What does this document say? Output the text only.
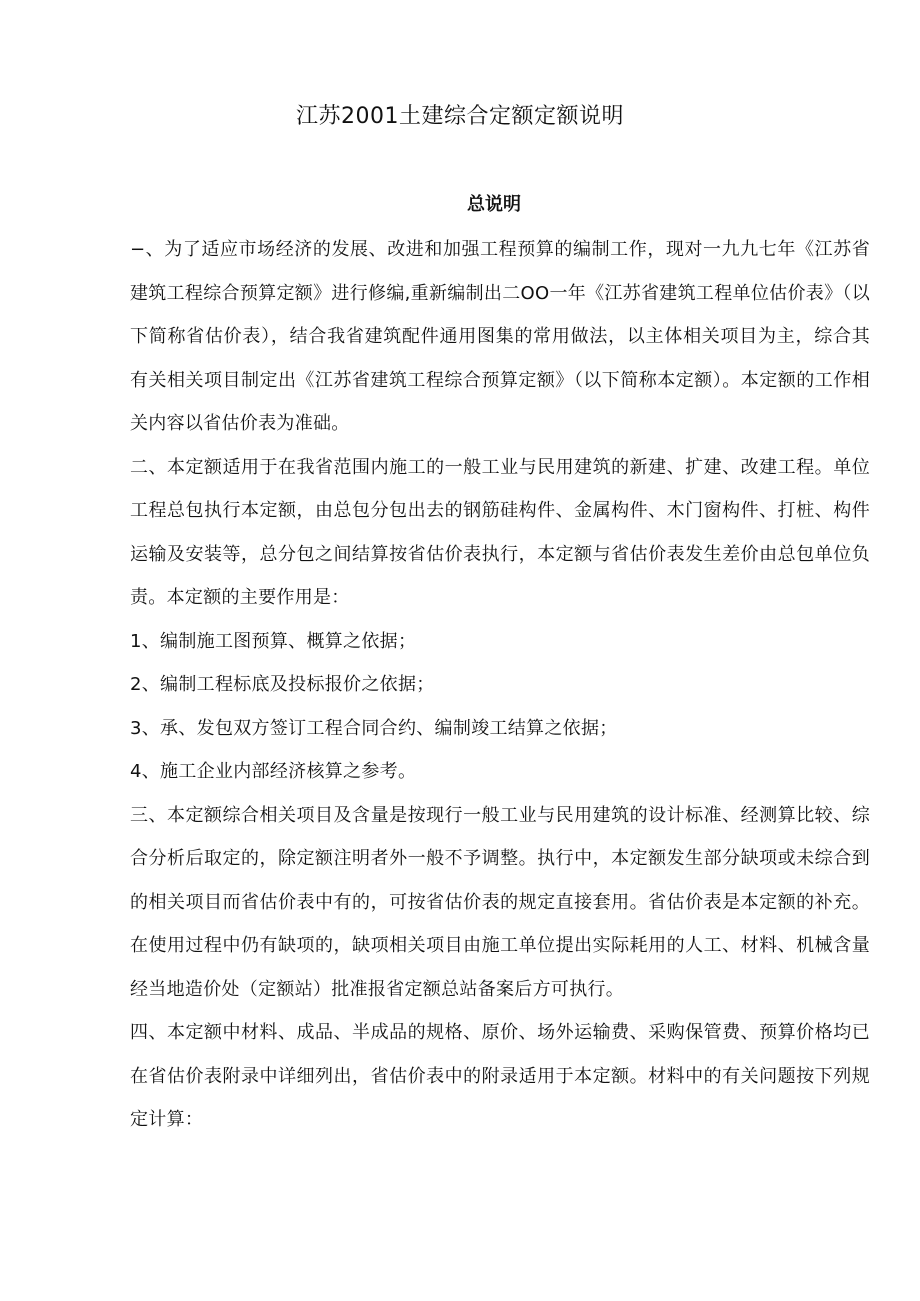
江苏2001土建综合定额定额说明
总说明

−、为了适应市场经济的发展、改进和加强工程预算的编制工作，现对一九九七年《江苏省建筑工程综合预算定额》进行修编,重新编制出二OO一年《江苏省建筑工程单位估价表》（以下简称省估价表），结合我省建筑配件通用图集的常用做法，以主体相关项目为主，综合其有关相关项目制定出《江苏省建筑工程综合预算定额》（以下简称本定额）。本定额的工作相关内容以省估价表为准础。

二、本定额适用于在我省范围内施工的一般工业与民用建筑的新建、扩建、改建工程。单位工程总包执行本定额，由总包分包出去的钢筋硅构件、金属构件、木门窗构件、打桩、构件运输及安装等，总分包之间结算按省估价表执行，本定额与省估价表发生差价由总包单位负责。本定额的主要作用是：

1、编制施工图预算、概算之依据；

2、编制工程标底及投标报价之依据；

3、承、发包双方签订工程合同合约、编制竣工结算之依据；

4、施工企业内部经济核算之参考。

三、本定额综合相关项目及含量是按现行一般工业与民用建筑的设计标准、经测算比较、综合分析后取定的，除定额注明者外一般不予调整。执行中，本定额发生部分缺项或未综合到的相关项目而省估价表中有的，可按省估价表的规定直接套用。省估价表是本定额的补充。在使用过程中仍有缺项的，缺项相关项目由施工单位提出实际耗用的人工、材料、机械含量经当地造价处（定额站）批准报省定额总站备案后方可执行。

四、本定额中材料、成品、半成品的规格、原价、场外运输费、采购保管费、预算价格均已在省估价表附录中详细列出，省估价表中的附录适用于本定额。材料中的有关问题按下列规定计算：
